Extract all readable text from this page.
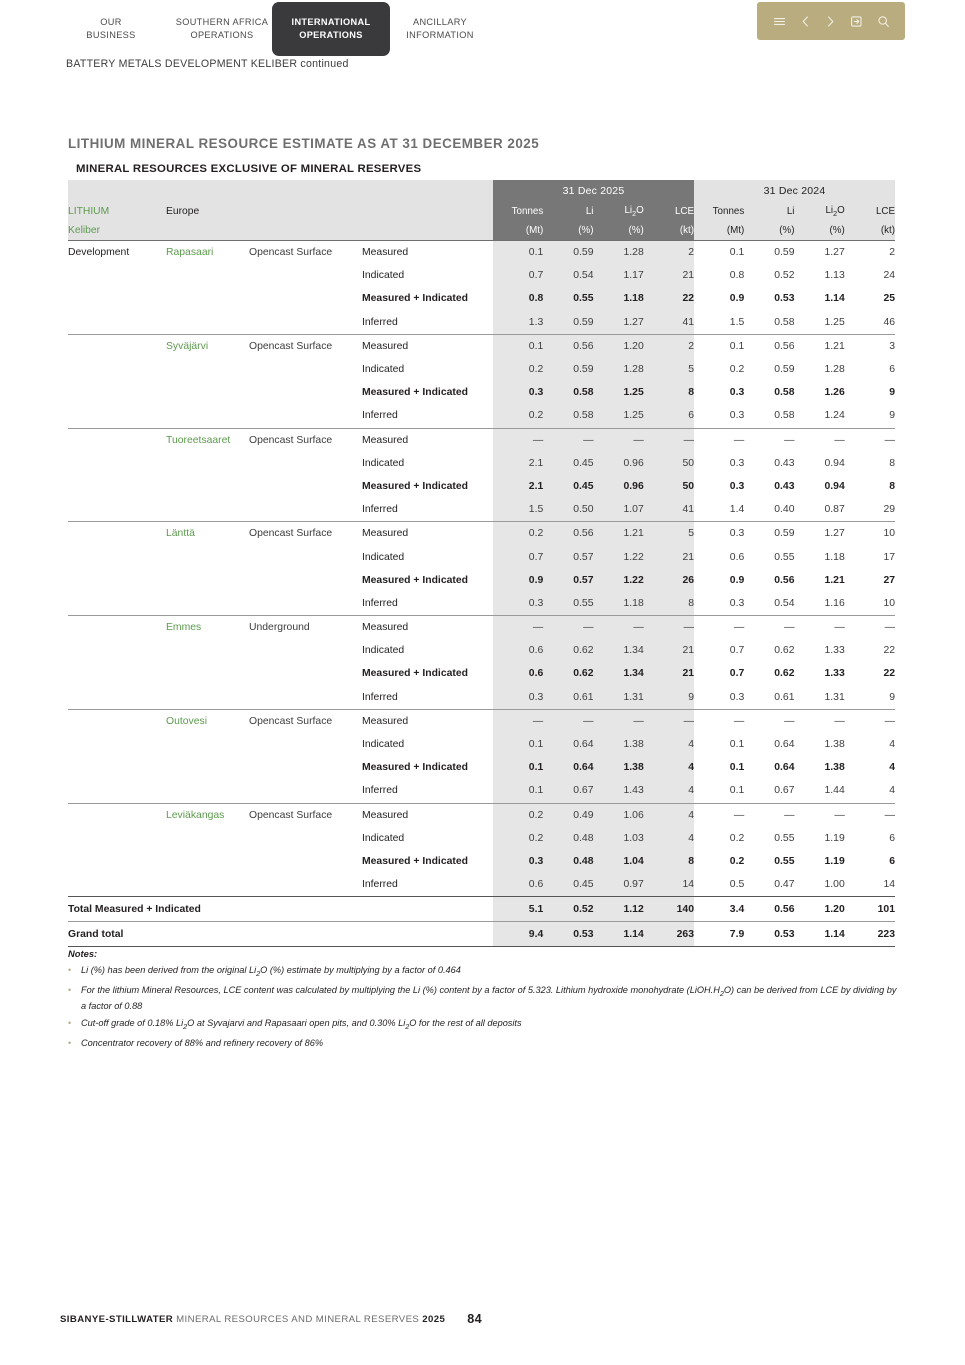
OUR
BUSINESS
SOUTHERN AFRICA
OPERATIONS
INTERNATIONAL
OPERATIONS
ANCILLARY
INFORMATION
BATTERY METALS DEVELOPMENT KELIBER continued
LITHIUM MINERAL RESOURCE ESTIMATE AS AT 31 DECEMBER 2025
MINERAL RESOURCES EXCLUSIVE OF MINERAL RESERVES
				31 Dec 2025				31 Dec 2024			
LITHIUM	Europe			Tonnes	Li	$Li_2O$	LCE	Tonnes	Li	$Li_2O$	LCE
Keliber				(Mt)	(%)	(%)	(kt)	(Mt)	(%)	(%)	(kt)
Development	Rapasaari	Opencast Surface	Measured	0.1	0.59	1.28	2	0.1	0.59	1.27	2
			Indicated	0.7	0.54	1.17	21	0.8	0.52	1.13	24
			Measured + Indicated	0.8	0.55	1.18	22	0.9	0.53	1.14	25
			Inferred	1.3	0.59	1.27	41	1.5	0.58	1.25	46
	Syväjärvi	Opencast Surface	Measured	0.1	0.56	1.20	2	0.1	0.56	1.21	3
			Indicated	0.2	0.59	1.28	5	0.2	0.59	1.28	6
			Measured + Indicated	0.3	0.58	1.25	8	0.3	0.58	1.26	9
			Inferred	0.2	0.58	1.25	6	0.3	0.58	1.24	9
	Tuoreetsaaret	Opencast Surface	Measured	—	—	—	—	—	—	—	—
			Indicated	2.1	0.45	0.96	50	0.3	0.43	0.94	8
			Measured + Indicated	2.1	0.45	0.96	50	0.3	0.43	0.94	8
			Inferred	1.5	0.50	1.07	41	1.4	0.40	0.87	29
	Länttä	Opencast Surface	Measured	0.2	0.56	1.21	5	0.3	0.59	1.27	10
			Indicated	0.7	0.57	1.22	21	0.6	0.55	1.18	17
			Measured + Indicated	0.9	0.57	1.22	26	0.9	0.56	1.21	27
			Inferred	0.3	0.55	1.18	8	0.3	0.54	1.16	10
	Emmes	Underground	Measured	—	—	—	—	—	—	—	—
			Indicated	0.6	0.62	1.34	21	0.7	0.62	1.33	22
			Measured + Indicated	0.6	0.62	1.34	21	0.7	0.62	1.33	22
			Inferred	0.3	0.61	1.31	9	0.3	0.61	1.31	9
	Outovesi	Opencast Surface	Measured	—	—	—	—	—	—	—	—
			Indicated	0.1	0.64	1.38	4	0.1	0.64	1.38	4
			Measured + Indicated	0.1	0.64	1.38	4	0.1	0.64	1.38	4
			Inferred	0.1	0.67	1.43	4	0.1	0.67	1.44	4
	Leviäkangas	Opencast Surface	Measured	0.2	0.49	1.06	4	—	—	—	—
			Indicated	0.2	0.48	1.03	4	0.2	0.55	1.19	6
			Measured + Indicated	0.3	0.48	1.04	8	0.2	0.55	1.19	6
			Inferred	0.6	0.45	0.97	14	0.5	0.47	1.00	14
Total Measured + Indicated				5.1	0.52	1.12	140	3.4	0.56	1.20	101
Grand total				9.4	0.53	1.14	263	7.9	0.53	1.14	223
Notes:
•	Li (%) has been derived from the original $Li_2O$ (%) estimate by multiplying by a factor of 0.464
•	For the lithium Mineral Resources, LCE content was calculated by multiplying the Li (%) content by a factor of 5.323. Lithium hydroxide monohydrate $(LiOH.H_2O)$ can be derived from LCE by dividing by a factor of 0.88
•	Cut-off grade of 0.18% $Li_2O$ at Syvajarvi and Rapasaari open pits, and 0.30% $Li_2O$ for the rest of all deposits
•	Concentrator recovery of 88% and refinery recovery of 86%
SIBANYE-STILLWATER MINERAL RESOURCES AND MINERAL RESERVES 2025 84
